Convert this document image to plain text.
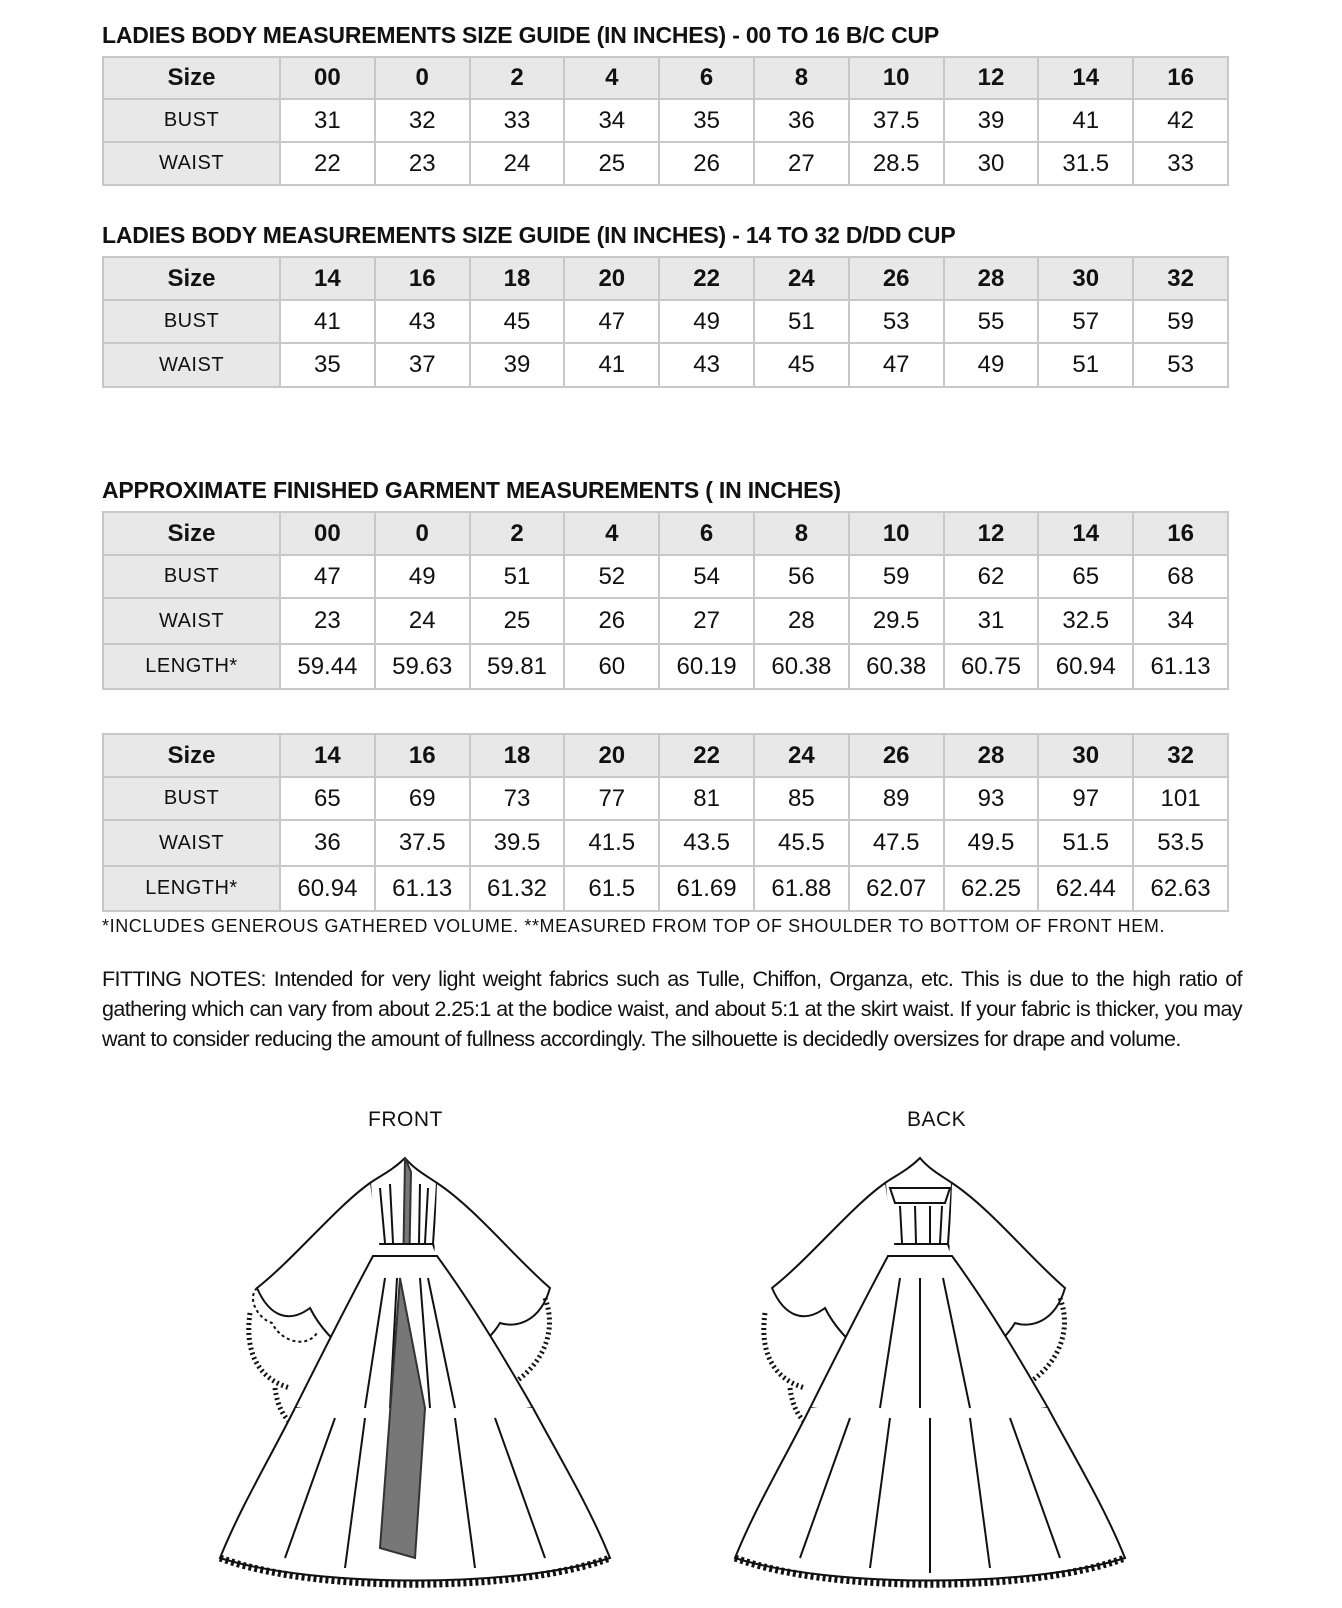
LADIES BODY MEASUREMENTS SIZE GUIDE (IN INCHES) - 00 TO 16 B/C CUP
Size	00	0	2	4	6	8	10	12	14	16
BUST	31	32	33	34	35	36	37.5	39	41	42
WAIST	22	23	24	25	26	27	28.5	30	31.5	33
LADIES BODY MEASUREMENTS SIZE GUIDE (IN INCHES) - 14 TO 32 D/DD CUP
Size	14	16	18	20	22	24	26	28	30	32
BUST	41	43	45	47	49	51	53	55	57	59
WAIST	35	37	39	41	43	45	47	49	51	53
APPROXIMATE FINISHED GARMENT MEASUREMENTS ( IN INCHES)
Size	00	0	2	4	6	8	10	12	14	16
BUST	47	49	51	52	54	56	59	62	65	68
WAIST	23	24	25	26	27	28	29.5	31	32.5	34
LENGTH*	59.44	59.63	59.81	60	60.19	60.38	60.38	60.75	60.94	61.13
Size	14	16	18	20	22	24	26	28	30	32
BUST	65	69	73	77	81	85	89	93	97	101
WAIST	36	37.5	39.5	41.5	43.5	45.5	47.5	49.5	51.5	53.5
LENGTH*	60.94	61.13	61.32	61.5	61.69	61.88	62.07	62.25	62.44	62.63
*INCLUDES GENEROUS GATHERED VOLUME. **MEASURED FROM TOP OF SHOULDER TO BOTTOM OF FRONT HEM.
FITTING NOTES: Intended for very light weight fabrics such as Tulle, Chiffon, Organza, etc. This is due to the high ratio of gathering which can vary from about 2.25:1 at the bodice waist, and about 5:1 at the skirt waist. If your fabric is thicker, you may want to consider reducing the amount of fullness accordingly. The silhouette is decidedly oversizes for drape and volume.
FRONT	BACK
